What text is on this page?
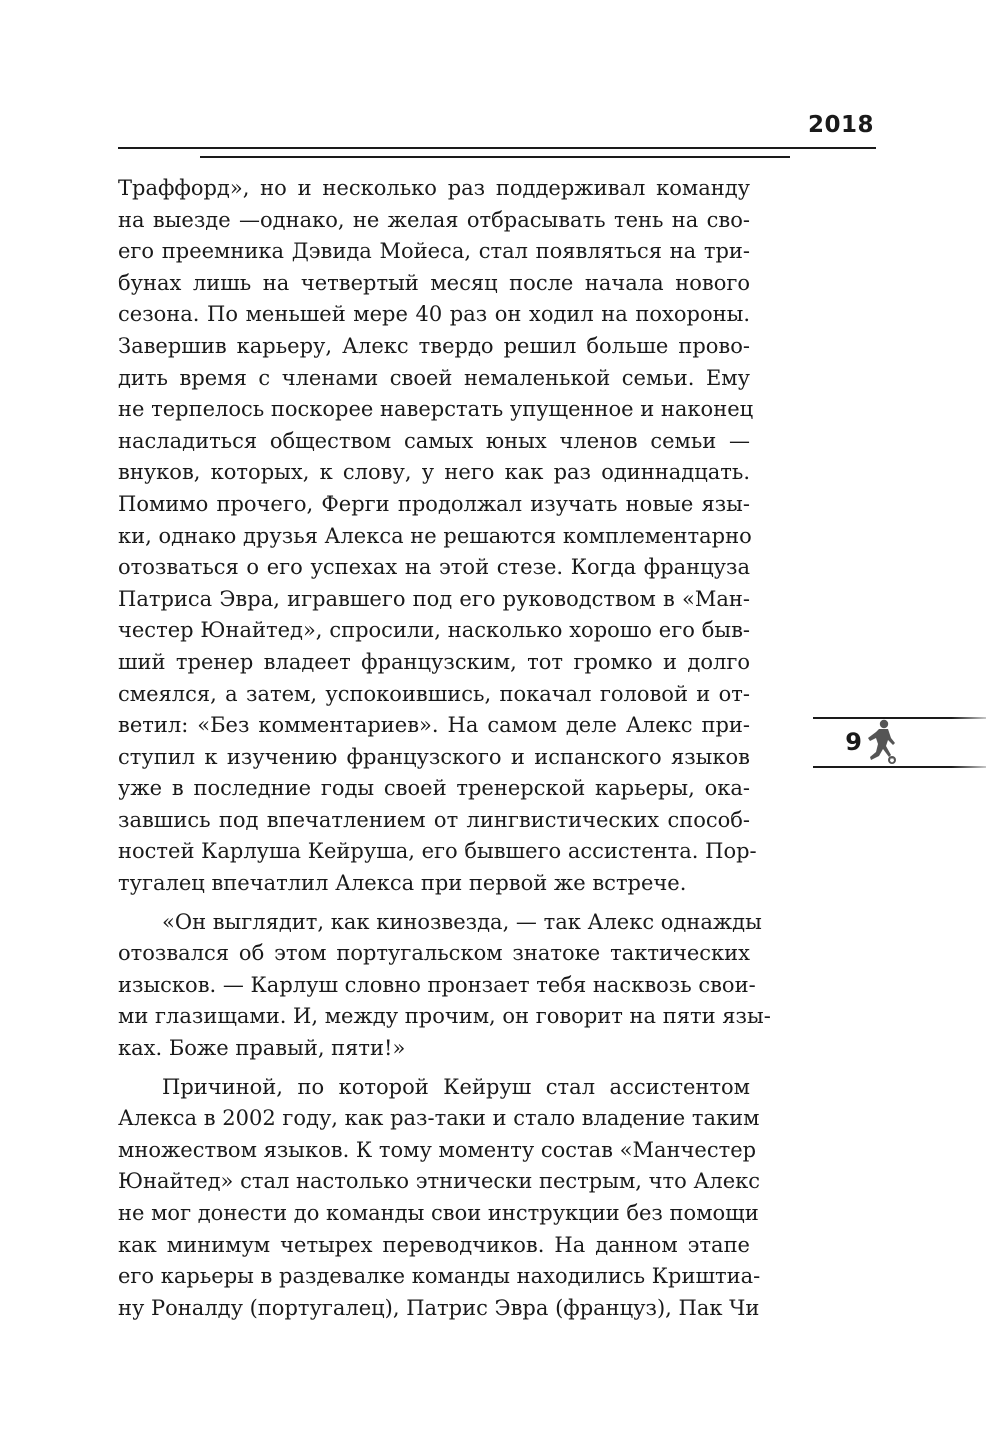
2018
Траффорд», но и несколько раз поддерживал команду
на выезде —однако, не желая отбрасывать тень на сво-
его преемника Дэвида Мойеса, стал появляться на три-
бунах лишь на четвертый месяц после начала нового
сезона. По меньшей мере 40 раз он ходил на похороны.
Завершив карьеру, Алекс твердо решил больше прово-
дить время с членами своей немаленькой семьи. Ему
не терпелось поскорее наверстать упущенное и наконец
насладиться обществом самых юных членов семьи —
внуков, которых, к слову, у него как раз одиннадцать.
Помимо прочего, Ферги продолжал изучать новые язы-
ки, однако друзья Алекса не решаются комплементарно
отозваться о его успехах на этой стезе. Когда француза
Патриса Эвра, игравшего под его руководством в «Ман-
честер Юнайтед», спросили, насколько хорошо его быв-
ший тренер владеет французским, тот громко и долго
смеялся, а затем, успокоившись, покачал головой и от-
ветил: «Без комментариев». На самом деле Алекс при-
ступил к изучению французского и испанского языков
уже в последние годы своей тренерской карьеры, ока-
завшись под впечатлением от лингвистических способ-
ностей Карлуша Кейруша, его бывшего ассистента. Пор-
тугалец впечатлил Алекса при первой же встрече.
«Он выглядит, как кинозвезда, — так Алекс однажды
отозвался об этом португальском знатоке тактических
изысков. — Карлуш словно пронзает тебя насквозь свои-
ми глазищами. И, между прочим, он говорит на пяти язы-
ках. Боже правый, пяти!»
Причиной, по которой Кейруш стал ассистентом
Алекса в 2002 году, как раз-таки и стало владение таким
множеством языков. К тому моменту состав «Манчестер
Юнайтед» стал настолько этнически пестрым, что Алекс
не мог донести до команды свои инструкции без помощи
как минимум четырех переводчиков. На данном этапе
его карьеры в раздевалке команды находились Криштиа-
ну Роналду (португалец), Патрис Эвра (француз), Пак Чи
9
